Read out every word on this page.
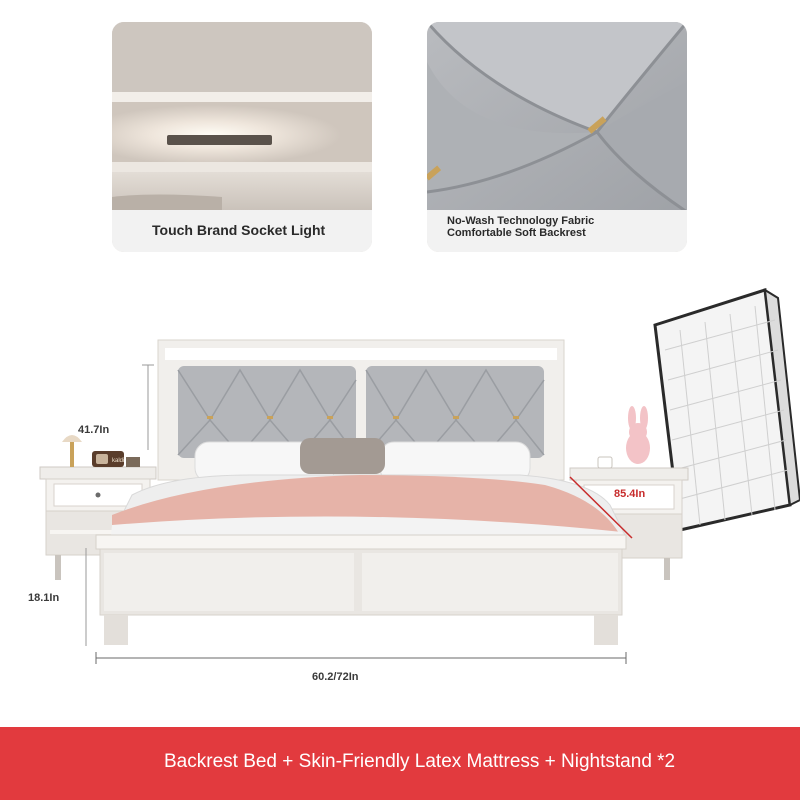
Touch Brand Socket Light
No-Wash Technology Fabric
Comfortable Soft Backrest
kaldi
41.7In
18.1In
60.2/72In
85.4In
Backrest Bed + Skin-Friendly Latex Mattress + Nightstand *2
